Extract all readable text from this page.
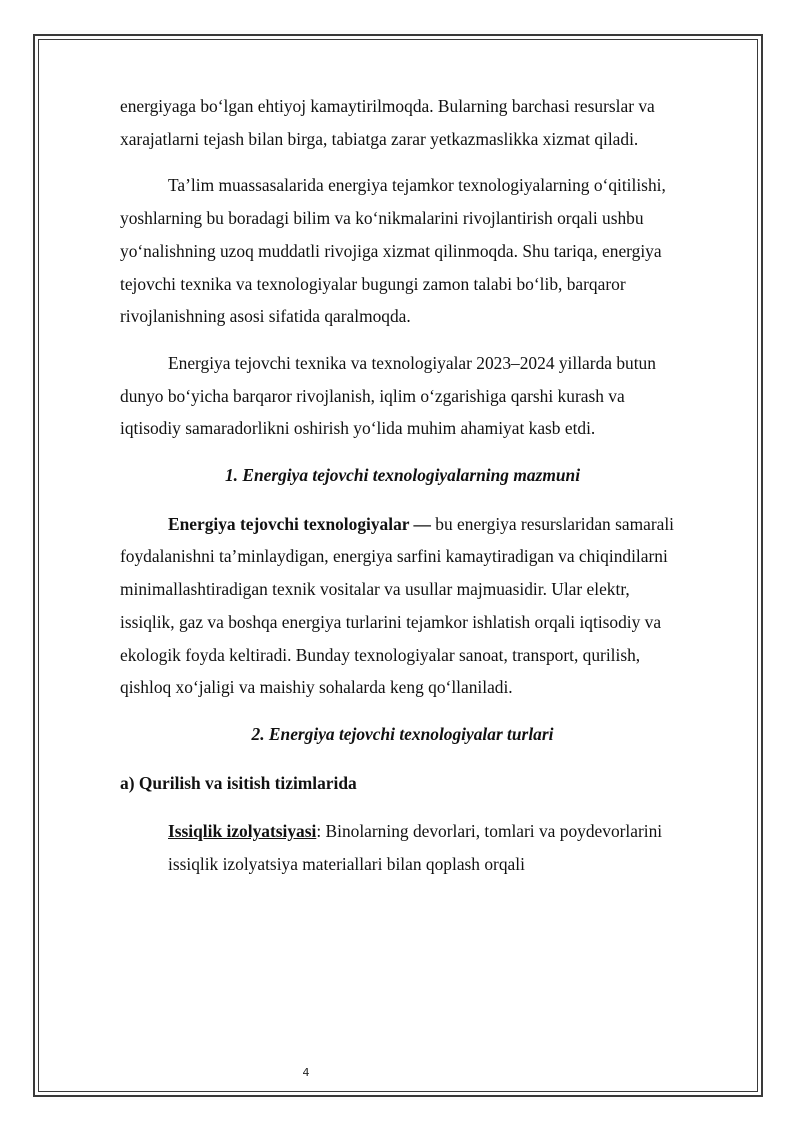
energiyaga bo‘lgan ehtiyoj kamaytirilmoqda. Bularning barchasi resurslar va xarajatlarni tejash bilan birga, tabiatga zarar yetkazmaslikka xizmat qiladi.

Ta’lim muassasalarida energiya tejamkor texnologiyalarning o‘qitilishi, yoshlarning bu boradagi bilim va ko‘nikmalarini rivojlantirish orqali ushbu yo‘nalishning uzoq muddatli rivojiga xizmat qilinmoqda. Shu tariqa, energiya tejovchi texnika va texnologiyalar bugungi zamon talabi bo‘lib, barqaror rivojlanishning asosi sifatida qaralmoqda.

Energiya tejovchi texnika va texnologiyalar 2023–2024 yillarda butun dunyo bo‘yicha barqaror rivojlanish, iqlim o‘zgarishiga qarshi kurash va iqtisodiy samaradorlikni oshirish yo‘lida muhim ahamiyat kasb etdi.

1. Energiya tejovchi texnologiyalarning mazmuni

Energiya tejovchi texnologiyalar — bu energiya resurslaridan samarali foydalanishni ta’minlaydigan, energiya sarfini kamaytiradigan va chiqindilarni minimallashtiradigan texnik vositalar va usullar majmuasidir. Ular elektr, issiqlik, gaz va boshqa energiya turlarini tejamkor ishlatish orqali iqtisodiy va ekologik foyda keltiradi. Bunday texnologiyalar sanoat, transport, qurilish, qishloq xo‘jaligi va maishiy sohalarda keng qo‘llaniladi.

2. Energiya tejovchi texnologiyalar turlari

a) Qurilish va isitish tizimlarida

Issiqlik izolyatsiyasi: Binolarning devorlari, tomlari va poydevorlarini issiqlik izolyatsiya materiallari bilan qoplash orqali

4
